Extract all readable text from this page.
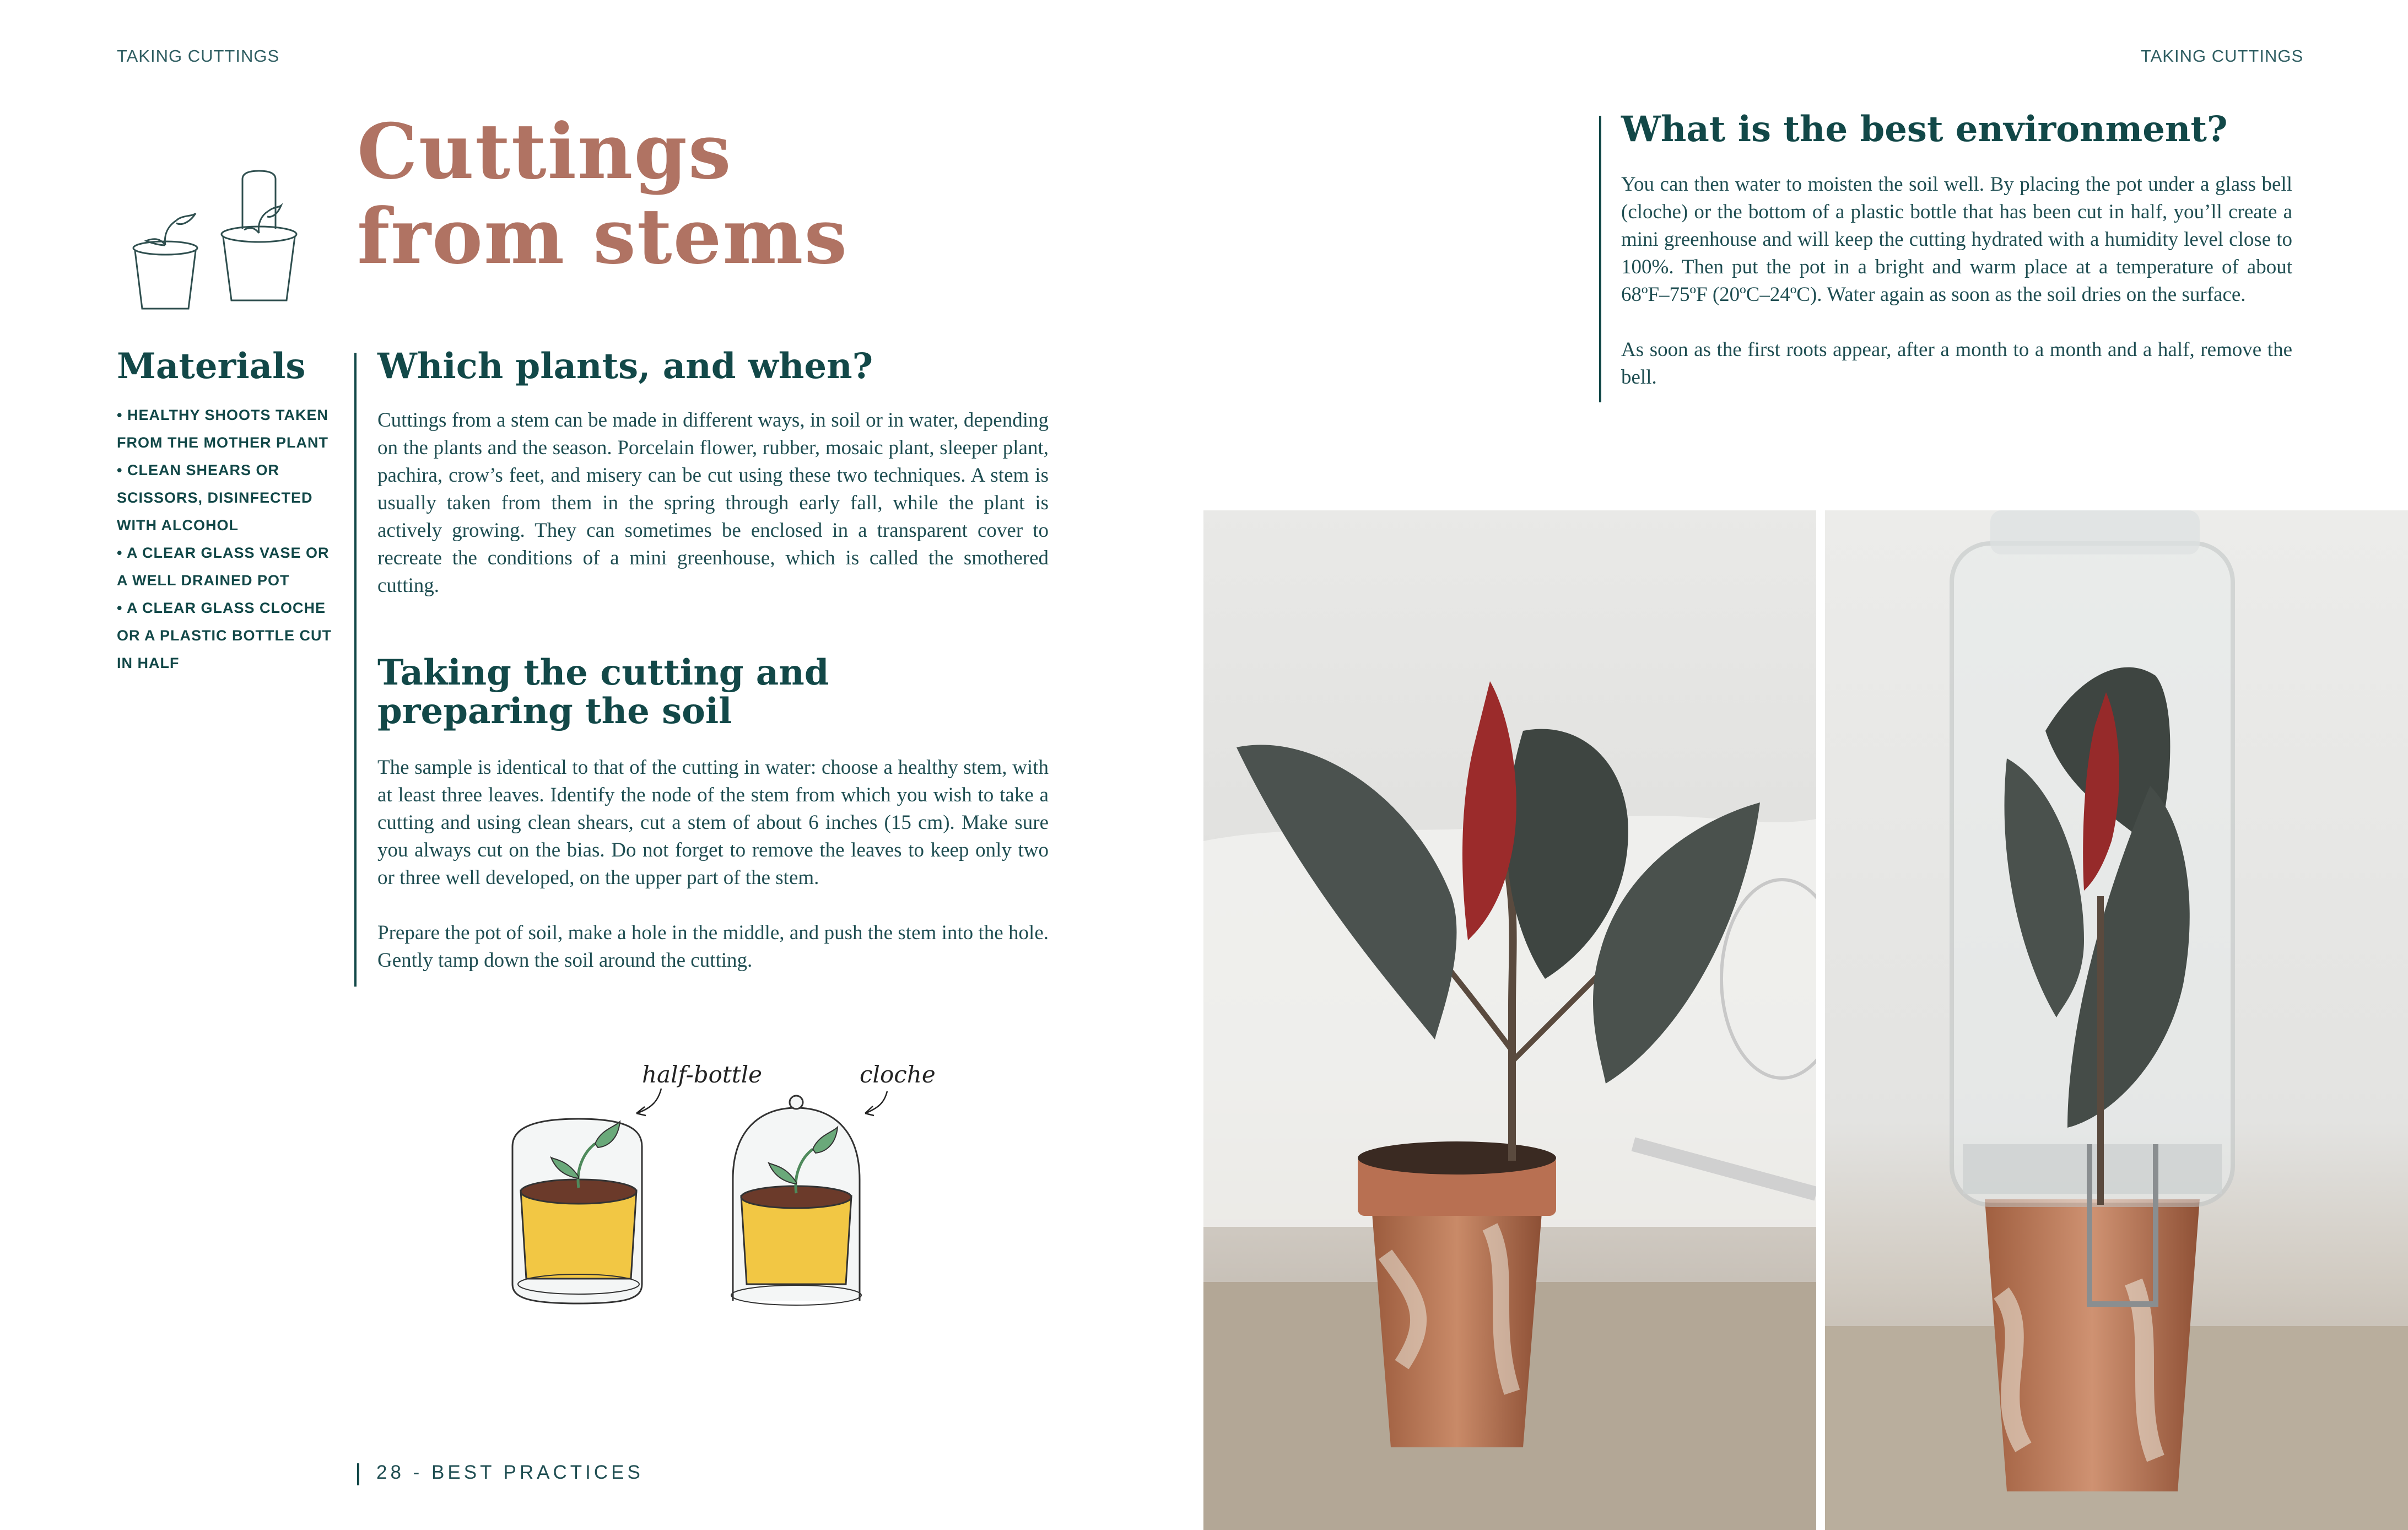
TAKING CUTTINGS	TAKING CUTTINGS
Cuttings
from stems
Materials
• HEALTHY SHOOTS TAKEN FROM THE MOTHER PLANT
• CLEAN SHEARS OR SCISSORS, DISINFECTED WITH ALCOHOL
• A CLEAR GLASS VASE OR A WELL DRAINED POT
• A CLEAR GLASS CLOCHE OR A PLASTIC BOTTLE CUT IN HALF
Which plants, and when?

Cuttings from a stem can be made in different ways, in soil or in water, depending on the plants and the season. Porcelain flower, rubber, mosaic plant, sleeper plant, pachira, crow’s feet, and misery can be cut using these two techniques. A stem is usually taken from them in the spring through early fall, while the plant is actively growing. They can sometimes be enclosed in a transparent cover to recreate the conditions of a mini greenhouse, which is called the smothered cutting.

Taking the cutting and
preparing the soil

The sample is identical to that of the cutting in water: choose a healthy stem, with at least three leaves. Identify the node of the stem from which you wish to take a cutting and using clean shears, cut a stem of about 6 inches (15 cm). Make sure you always cut on the bias. Do not forget to remove the leaves to keep only two or three well developed, on the upper part of the stem.

Prepare the pot of soil, make a hole in the middle, and push the stem into the hole. Gently tamp down the soil around the cutting.

half-bottle	cloche
28 - BEST PRACTICES
What is the best environment?

You can then water to moisten the soil well. By placing the pot under a glass bell (cloche) or the bottom of a plastic bottle that has been cut in half, you’ll create a mini greenhouse and will keep the cutting hydrated with a humidity level close to 100%. Then put the pot in a bright and warm place at a temperature of about 68ºF–75ºF (20ºC–24ºC). Water again as soon as the soil dries on the surface.

As soon as the first roots appear, after a month to a month and a half, remove the bell.
